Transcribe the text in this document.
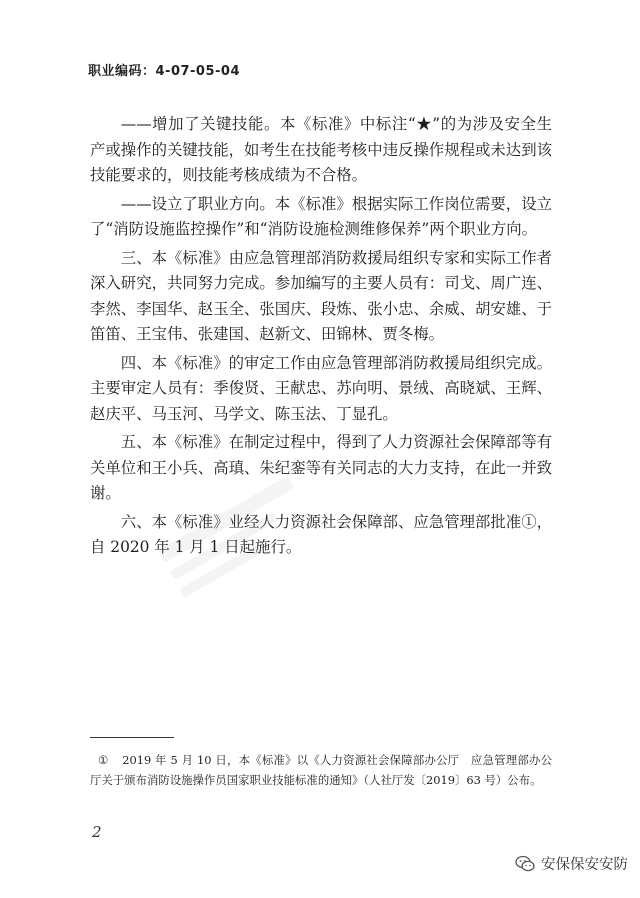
职业编码：4-07-05-04

——增加了关键技能。本《标准》中标注“★”的为涉及安全生产或操作的关键技能，如考生在技能考核中违反操作规程或未达到该技能要求的，则技能考核成绩为不合格。

——设立了职业方向。本《标准》根据实际工作岗位需要，设立了“消防设施监控操作”和“消防设施检测维修保养”两个职业方向。

三、本《标准》由应急管理部消防救援局组织专家和实际工作者深入研究，共同努力完成。参加编写的主要人员有：司戈、周广连、李然、李国华、赵玉全、张国庆、段炼、张小忠、余威、胡安雄、于笛笛、王宝伟、张建国、赵新文、田锦林、贾冬梅。

四、本《标准》的审定工作由应急管理部消防救援局组织完成。主要审定人员有：季俊贤、王献忠、苏向明、景绒、高晓斌、王辉、赵庆平、马玉河、马学文、陈玉法、丁显孔。

五、本《标准》在制定过程中，得到了人力资源社会保障部等有关单位和王小兵、高瑱、朱纪銮等有关同志的大力支持，在此一并致谢。

六、本《标准》业经人力资源社会保障部、应急管理部批准①，自 2020 年 1 月 1 日起施行。

① 2019 年 5 月 10 日，本《标准》以《人力资源社会保障部办公厅　应急管理部办公厅关于颁布消防设施操作员国家职业技能标准的通知》（人社厅发〔2019〕63 号）公布。
2
安保保安安防
